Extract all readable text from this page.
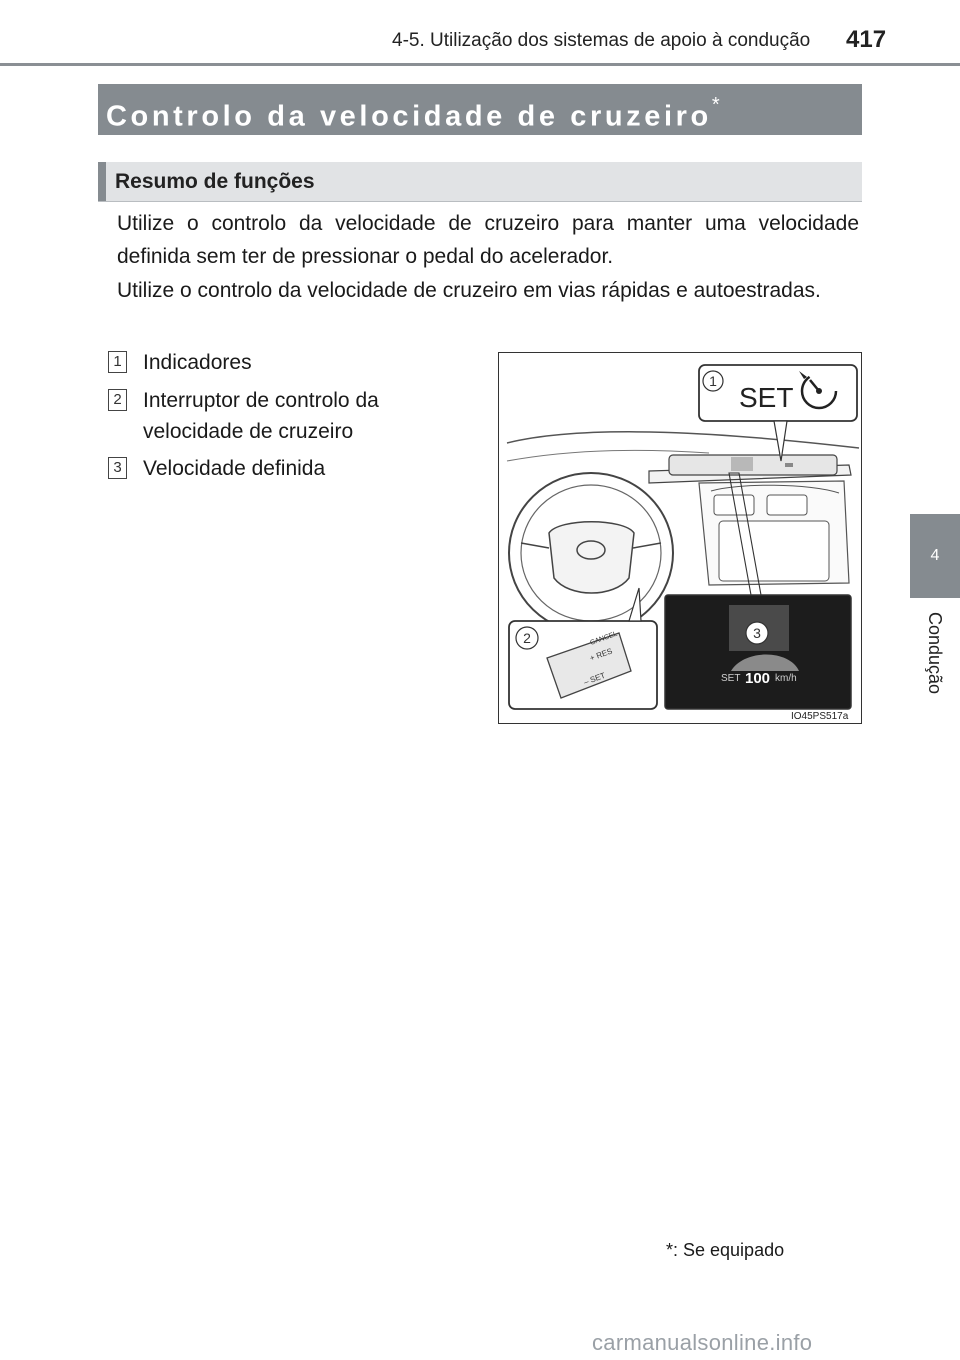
4-5. Utilização dos sistemas de apoio à condução 417
Controlo da velocidade de cruzeiro*
Resumo de funções

Utilize o controlo da velocidade de cruzeiro para manter uma velocidade definida sem ter de pressionar o pedal do acelerador.

Utilize o controlo da velocidade de cruzeiro em vias rápidas e autoestradas.

1 Indicadores
2 Interruptor de controlo da velocidade de cruzeiro
3 Velocidade definida
1
SET
2	CANCEL
+ RES
– SET
3
SET 100 km/h
IO45PS517a
4
Condução
*: Se equipado
carmanualsonline.info
